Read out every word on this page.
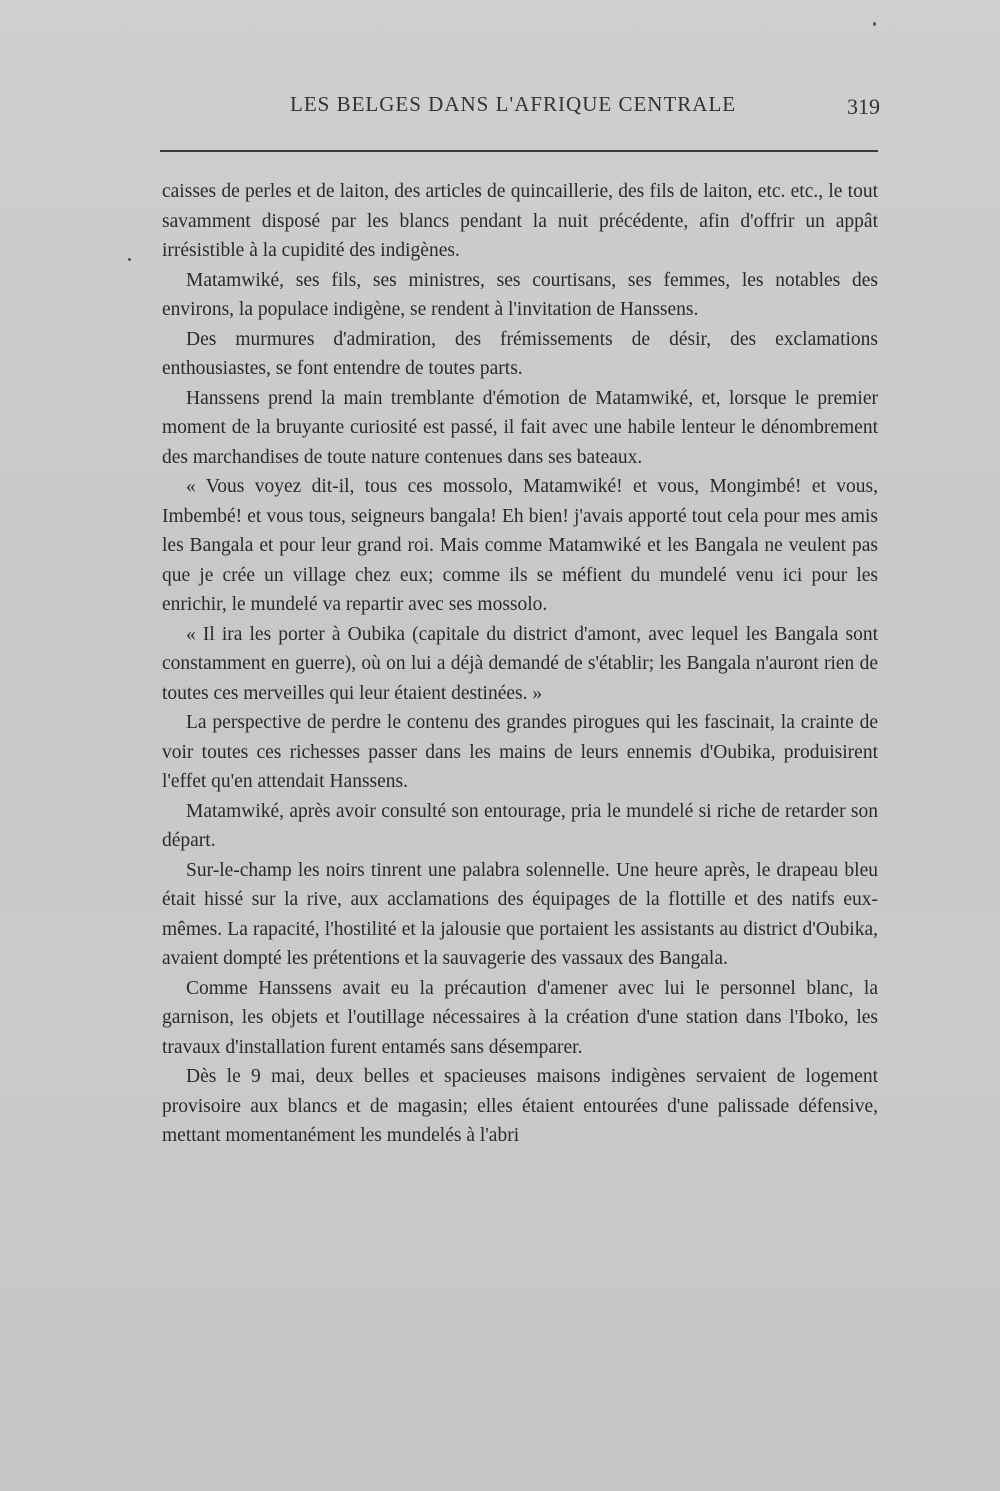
LES BELGES DANS L'AFRIQUE CENTRALE	319

caisses de perles et de laiton, des articles de quincaillerie, des fils de laiton, etc. etc., le tout savamment disposé par les blancs pendant la nuit précédente, afin d'offrir un appât irrésistible à la cupidité des indigènes.

Matamwiké, ses fils, ses ministres, ses courtisans, ses femmes, les notables des environs, la populace indigène, se rendent à l'invitation de Hanssens.

Des murmures d'admiration, des frémissements de désir, des exclamations enthousiastes, se font entendre de toutes parts.

Hanssens prend la main tremblante d'émotion de Matamwiké, et, lorsque le premier moment de la bruyante curiosité est passé, il fait avec une habile lenteur le dénombrement des marchandises de toute nature contenues dans ses bateaux.

« Vous voyez dit-il, tous ces mossolo, Matamwiké! et vous, Mongimbé! et vous, Imbembé! et vous tous, seigneurs bangala! Eh bien! j'avais apporté tout cela pour mes amis les Bangala et pour leur grand roi. Mais comme Matamwiké et les Bangala ne veulent pas que je crée un village chez eux; comme ils se méfient du mundelé venu ici pour les enrichir, le mundelé va repartir avec ses mossolo.

« Il ira les porter à Oubika (capitale du district d'amont, avec lequel les Bangala sont constamment en guerre), où on lui a déjà demandé de s'établir; les Bangala n'auront rien de toutes ces merveilles qui leur étaient destinées. »

La perspective de perdre le contenu des grandes pirogues qui les fascinait, la crainte de voir toutes ces richesses passer dans les mains de leurs ennemis d'Oubika, produisirent l'effet qu'en attendait Hanssens.

Matamwiké, après avoir consulté son entourage, pria le mundelé si riche de retarder son départ.

Sur-le-champ les noirs tinrent une palabra solennelle. Une heure après, le drapeau bleu était hissé sur la rive, aux acclamations des équipages de la flottille et des natifs eux-mêmes. La rapacité, l'hostilité et la jalousie que portaient les assistants au district d'Oubika, avaient dompté les prétentions et la sauvagerie des vassaux des Bangala.

Comme Hanssens avait eu la précaution d'amener avec lui le personnel blanc, la garnison, les objets et l'outillage nécessaires à la création d'une station dans l'Iboko, les travaux d'installation furent entamés sans désemparer.

Dès le 9 mai, deux belles et spacieuses maisons indigènes servaient de logement provisoire aux blancs et de magasin; elles étaient entourées d'une palissade défensive, mettant momentanément les mundelés à l'abri
